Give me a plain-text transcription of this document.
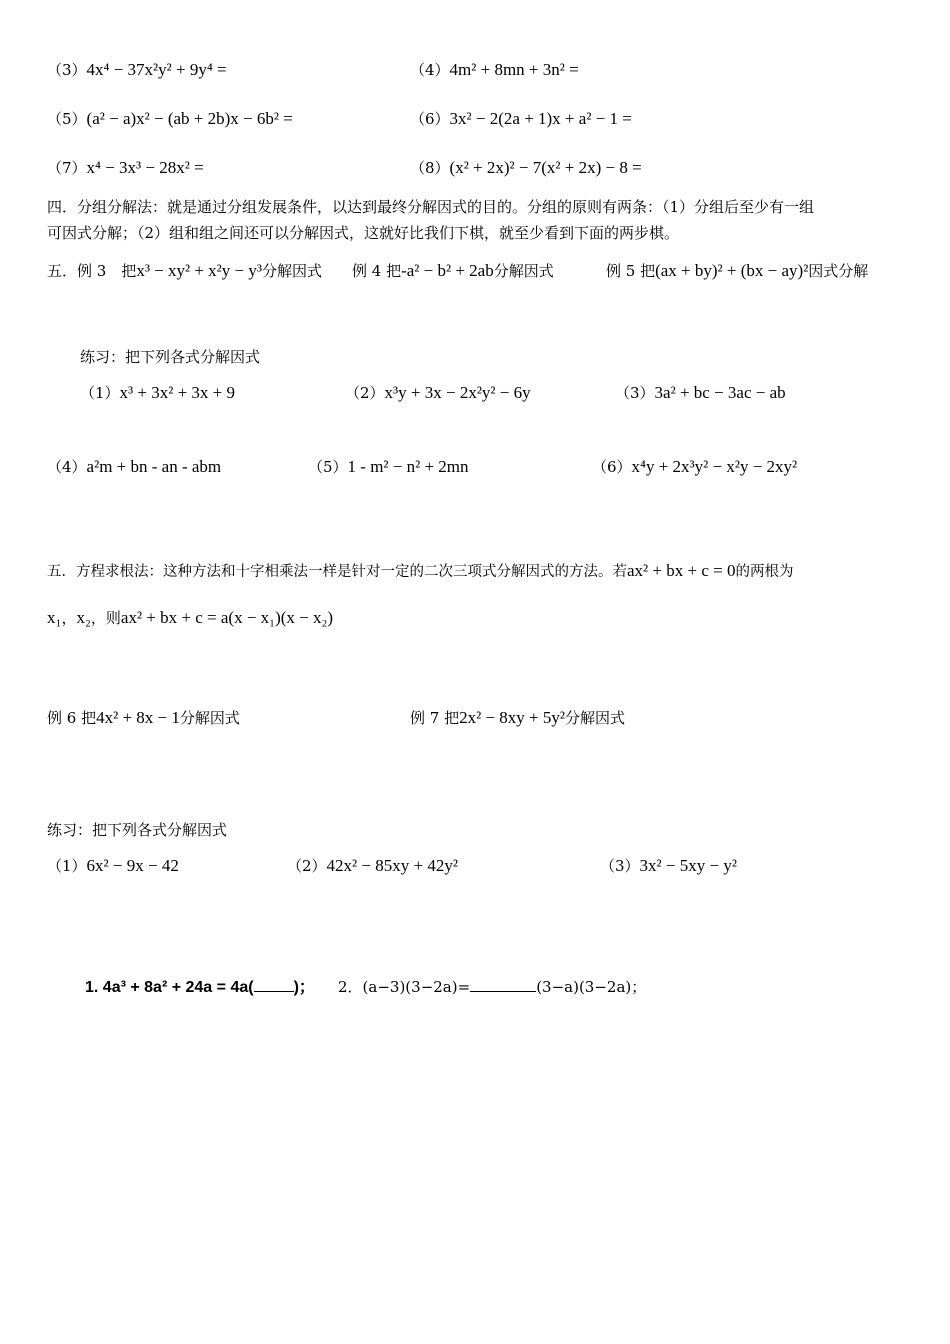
（3）4x⁴ − 37x²y² + 9y⁴ =	（4）4m² + 8mn + 3n² =
（5）(a² − a)x² − (ab + 2b)x − 6b² =	（6）3x² − 2(2a + 1)x + a² − 1 =
（7）x⁴ − 3x³ − 28x² =	（8）(x² + 2x)² − 7(x² + 2x) − 8 =
四．分组分解法：就是通过分组发展条件，以达到最终分解因式的目的。分组的原则有两条：（1）分组后至少有一组
可因式分解；（2）组和组之间还可以分解因式，这就好比我们下棋，就至少看到下面的两步棋。
五．例 3　把x³ − xy² + x²y − y³分解因式 例 4 把-a² − b² + 2ab分解因式	例 5 把(ax + by)² + (bx − ay)²因式分解
练习：把下列各式分解因式
（1）x³ + 3x² + 3x + 9	（2）x³y + 3x − 2x²y² − 6y	（3）3a² + bc − 3ac − ab
（4）a²m + bn - an - abm	（5）1 - m² − n² + 2mn	（6）x⁴y + 2x³y² − x²y − 2xy²
五．方程求根法：这种方法和十字相乘法一样是针对一定的二次三项式分解因式的方法。若ax² + bx + c = 0的两根为
x₁，x₂，则ax² + bx + c = a(x − x₁)(x − x₂)
例 6 把4x² + 8x − 1分解因式	例 7 把2x² − 8xy + 5y²分解因式
练习：把下列各式分解因式
（1）6x² − 9x − 42	（2）42x² − 85xy + 42y²	（3）3x² − 5xy − y²
1. 4a³ + 8a² + 24a = 4a(	)； 2．(a−3)(3−2a)=	(3−a)(3−2a)；
